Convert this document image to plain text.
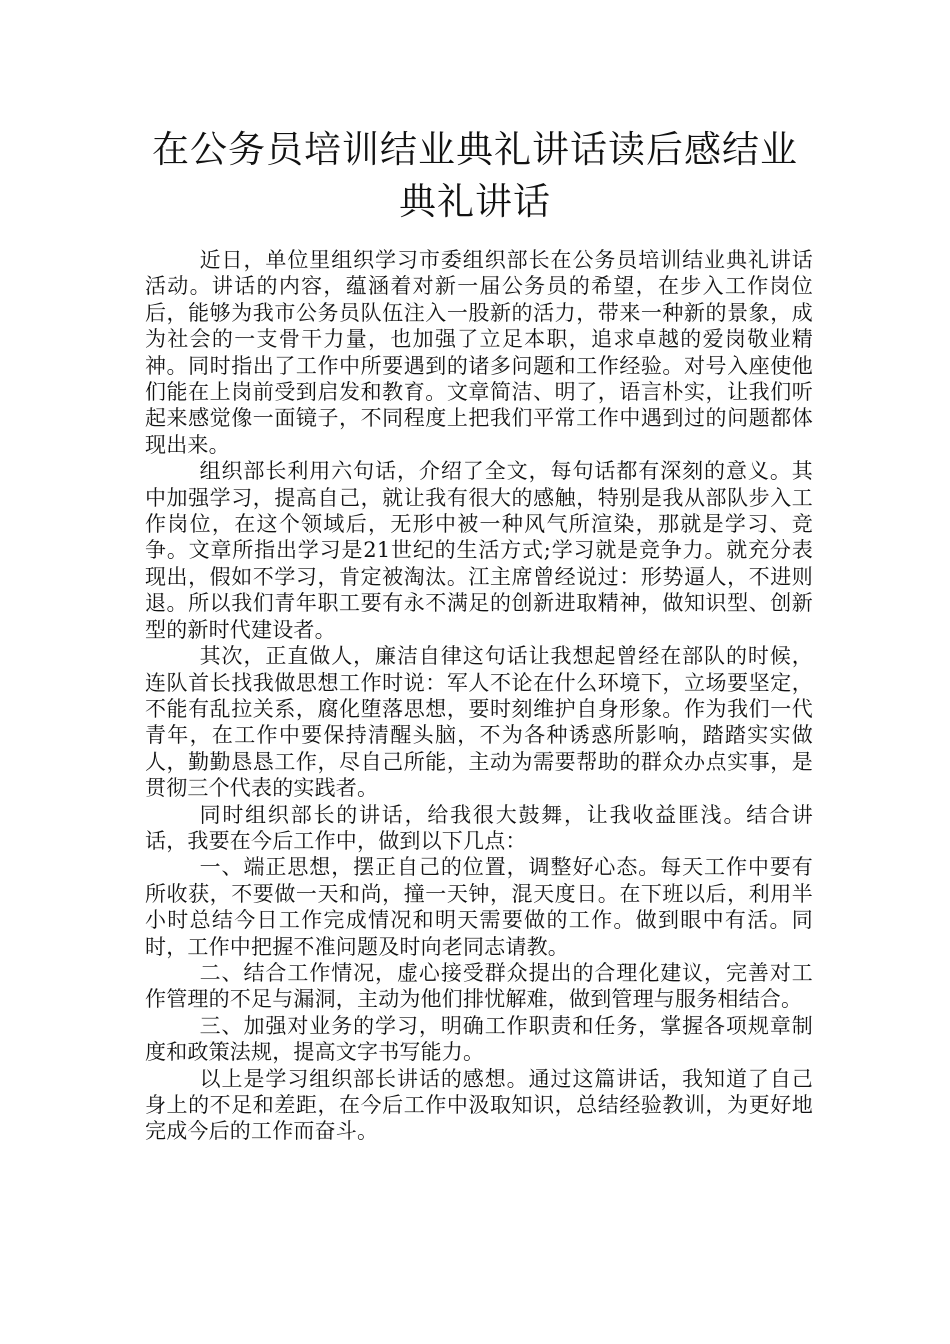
在公务员培训结业典礼讲话读后感结业典礼讲话

近日，单位里组织学习市委组织部长在公务员培训结业典礼讲话活动。讲话的内容，蕴涵着对新一届公务员的希望，在步入工作岗位后，能够为我市公务员队伍注入一股新的活力，带来一种新的景象，成为社会的一支骨干力量，也加强了立足本职，追求卓越的爱岗敬业精神。同时指出了工作中所要遇到的诸多问题和工作经验。对号入座使他们能在上岗前受到启发和教育。文章简洁、明了，语言朴实，让我们听起来感觉像一面镜子，不同程度上把我们平常工作中遇到过的问题都体现出来。

组织部长利用六句话，介绍了全文，每句话都有深刻的意义。其中加强学习，提高自己，就让我有很大的感触，特别是我从部队步入工作岗位，在这个领域后，无形中被一种风气所渲染，那就是学习、竞争。文章所指出学习是21世纪的生活方式;学习就是竞争力。就充分表现出，假如不学习，肯定被淘汰。江主席曾经说过：形势逼人，不进则退。所以我们青年职工要有永不满足的创新进取精神，做知识型、创新型的新时代建设者。

其次，正直做人，廉洁自律这句话让我想起曾经在部队的时候，连队首长找我做思想工作时说：军人不论在什么环境下，立场要坚定，不能有乱拉关系，腐化堕落思想，要时刻维护自身形象。作为我们一代青年，在工作中要保持清醒头脑，不为各种诱惑所影响，踏踏实实做人，勤勤恳恳工作，尽自己所能，主动为需要帮助的群众办点实事，是贯彻三个代表的实践者。

同时组织部长的讲话，给我很大鼓舞，让我收益匪浅。结合讲话，我要在今后工作中，做到以下几点：

一、端正思想，摆正自己的位置，调整好心态。每天工作中要有所收获，不要做一天和尚，撞一天钟，混天度日。在下班以后，利用半小时总结今日工作完成情况和明天需要做的工作。做到眼中有活。同时，工作中把握不准问题及时向老同志请教。

二、结合工作情况，虚心接受群众提出的合理化建议，完善对工作管理的不足与漏洞，主动为他们排忧解难，做到管理与服务相结合。

三、加强对业务的学习，明确工作职责和任务，掌握各项规章制度和政策法规，提高文字书写能力。

以上是学习组织部长讲话的感想。通过这篇讲话，我知道了自己身上的不足和差距，在今后工作中汲取知识，总结经验教训，为更好地完成今后的工作而奋斗。
